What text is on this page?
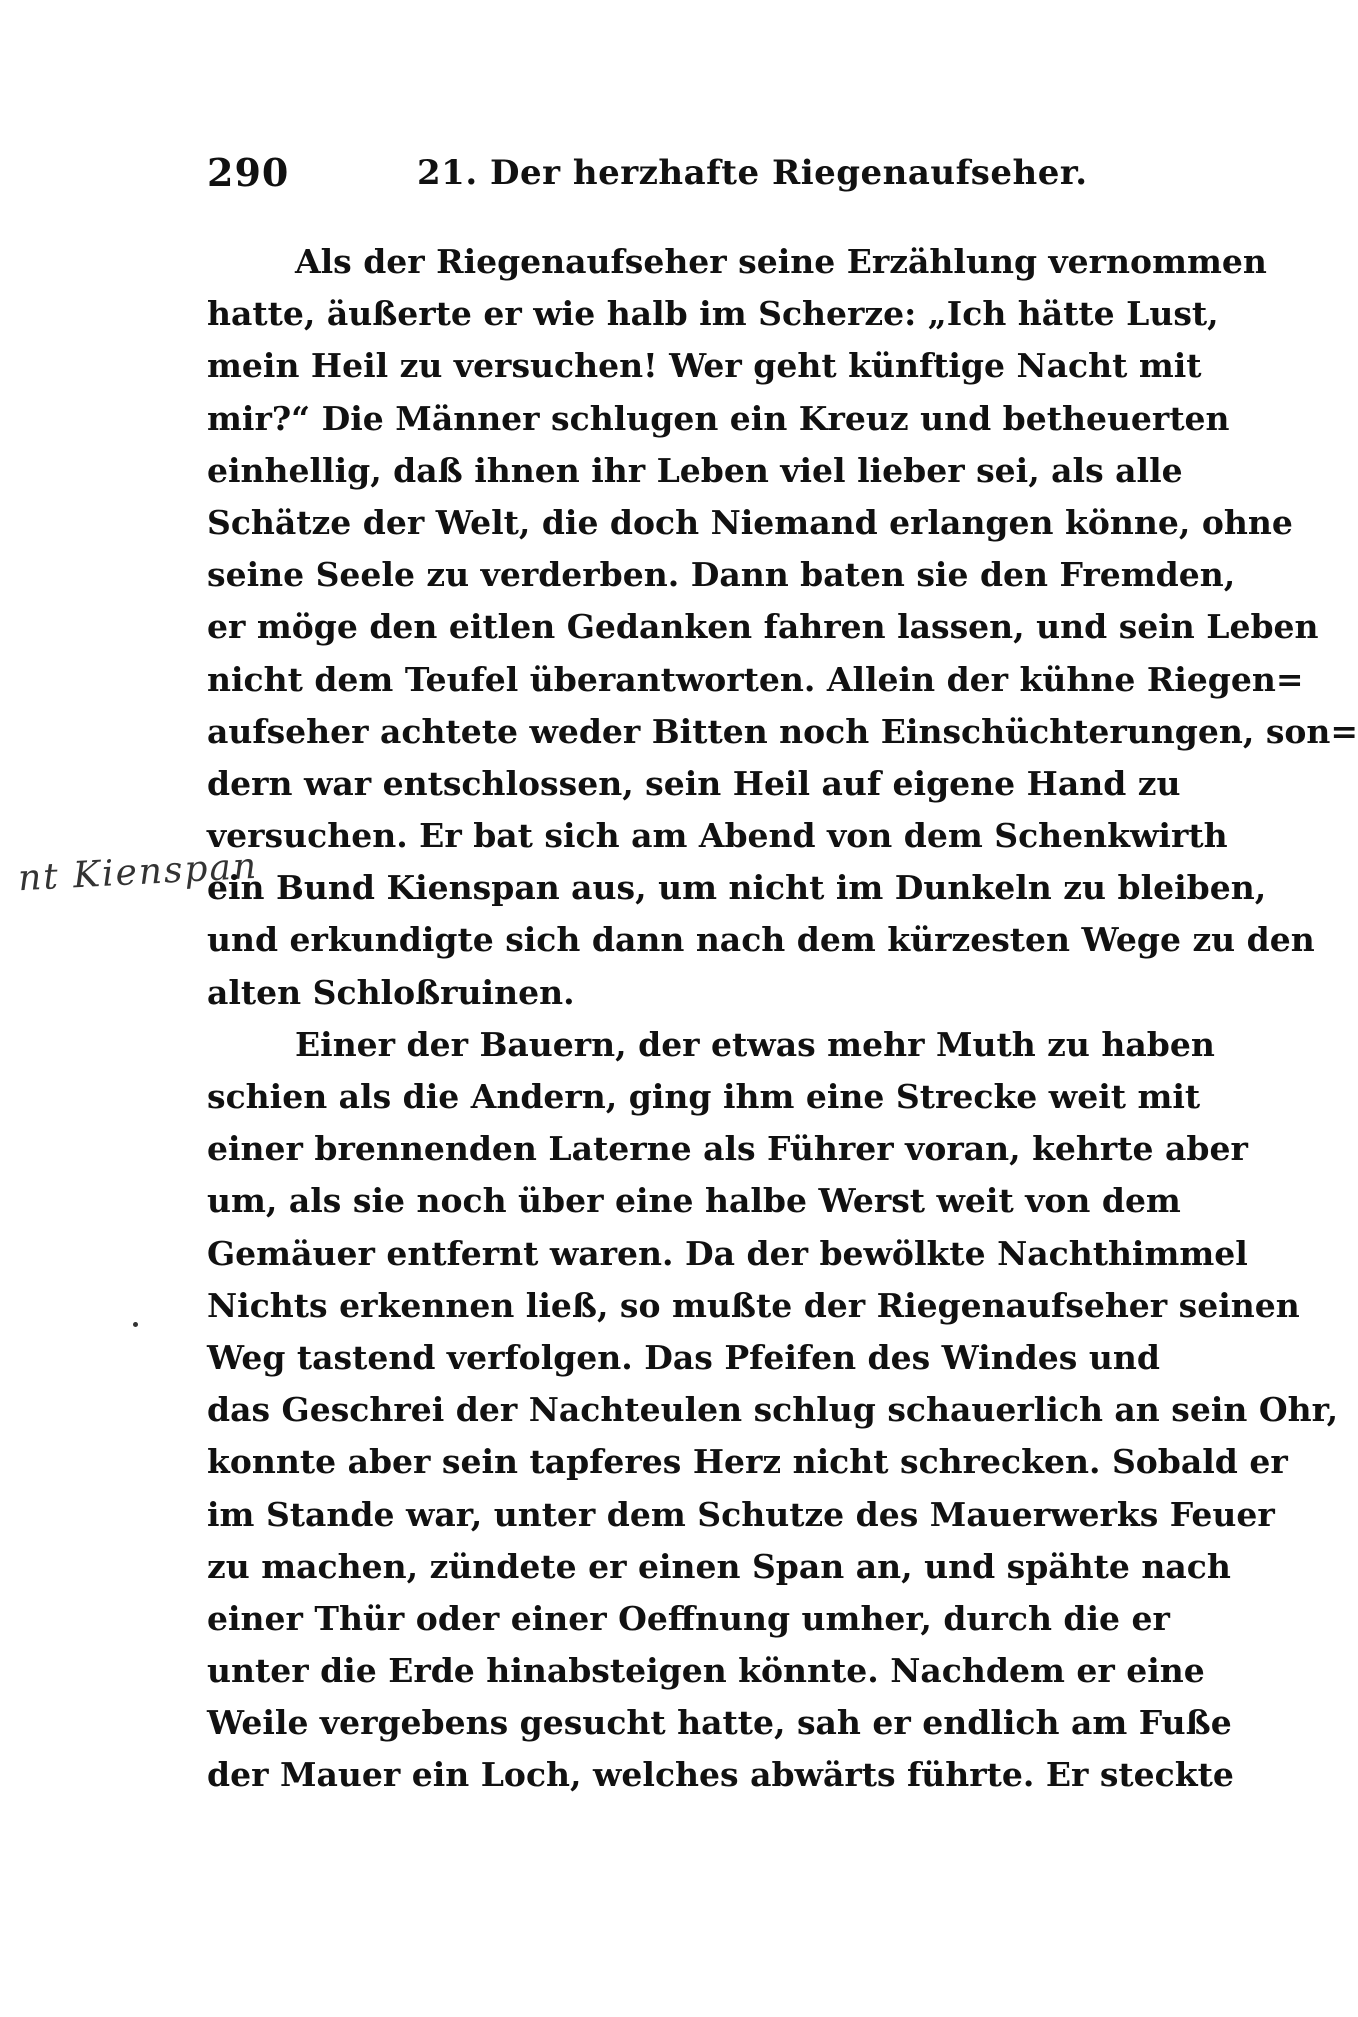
290	21. Der herzhafte Riegenaufseher.
nt Kienspan
Als der Riegenaufseher seine Erzählung vernommen
hatte, äußerte er wie halb im Scherze: „Ich hätte Lust,
mein Heil zu versuchen! Wer geht künftige Nacht mit
mir?“ Die Männer schlugen ein Kreuz und betheuerten
einhellig, daß ihnen ihr Leben viel lieber sei, als alle
Schätze der Welt, die doch Niemand erlangen könne, ohne
seine Seele zu verderben. Dann baten sie den Fremden,
er möge den eitlen Gedanken fahren lassen, und sein Leben
nicht dem Teufel überantworten. Allein der kühne Riegen=
aufseher achtete weder Bitten noch Einschüchterungen, son=
dern war entschlossen, sein Heil auf eigene Hand zu
versuchen. Er bat sich am Abend von dem Schenkwirth
ein Bund Kienspan aus, um nicht im Dunkeln zu bleiben,
und erkundigte sich dann nach dem kürzesten Wege zu den
alten Schloßruinen.
Einer der Bauern, der etwas mehr Muth zu haben
schien als die Andern, ging ihm eine Strecke weit mit
einer brennenden Laterne als Führer voran, kehrte aber
um, als sie noch über eine halbe Werst weit von dem
Gemäuer entfernt waren. Da der bewölkte Nachthimmel
Nichts erkennen ließ, so mußte der Riegenaufseher seinen
Weg tastend verfolgen. Das Pfeifen des Windes und
das Geschrei der Nachteulen schlug schauerlich an sein Ohr,
konnte aber sein tapferes Herz nicht schrecken. Sobald er
im Stande war, unter dem Schutze des Mauerwerks Feuer
zu machen, zündete er einen Span an, und spähte nach
einer Thür oder einer Oeffnung umher, durch die er
unter die Erde hinabsteigen könnte. Nachdem er eine
Weile vergebens gesucht hatte, sah er endlich am Fuße
der Mauer ein Loch, welches abwärts führte. Er steckte
